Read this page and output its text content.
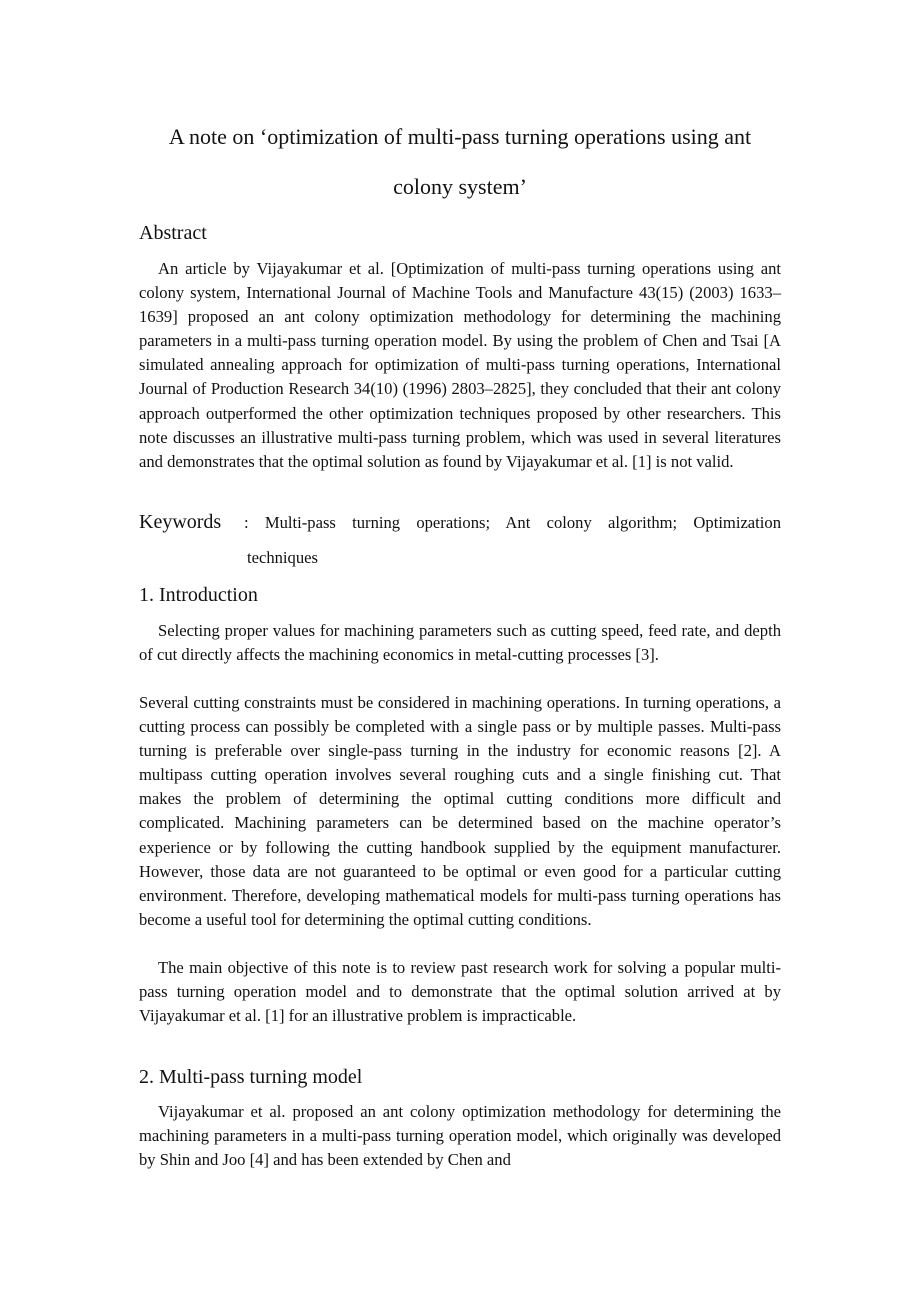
A note on ‘optimization of multi-pass turning operations using ant
colony system’
Abstract
An article by Vijayakumar et al. [Optimization of multi-pass turning operations using ant colony system, International Journal of Machine Tools and Manufacture 43(15) (2003) 1633–1639] proposed an ant colony optimization methodology for determining the machining parameters in a multi-pass turning operation model. By using the problem of Chen and Tsai [A simulated annealing approach for optimization of multi-pass turning operations, International Journal of Production Research 34(10) (1996) 2803–2825], they concluded that their ant colony approach outperformed the other optimization techniques proposed by other researchers. This note discusses an illustrative multi-pass turning problem, which was used in several literatures and demonstrates that the optimal solution as found by Vijayakumar et al. [1] is not valid.
Keywords : Multi-pass turning operations; Ant colony algorithm; Optimization
techniques
1. Introduction
Selecting proper values for machining parameters such as cutting speed, feed rate, and depth of cut directly affects the machining economics in metal-cutting processes [3].
Several cutting constraints must be considered in machining operations. In turning operations, a cutting process can possibly be completed with a single pass or by multiple passes. Multi-pass turning is preferable over single-pass turning in the industry for economic reasons [2]. A multipass cutting operation involves several roughing cuts and a single finishing cut. That makes the problem of determining the optimal cutting conditions more difficult and complicated. Machining parameters can be determined based on the machine operator’s experience or by following the cutting handbook supplied by the equipment manufacturer. However, those data are not guaranteed to be optimal or even good for a particular cutting environment. Therefore, developing mathematical models for multi-pass turning operations has become a useful tool for determining the optimal cutting conditions.
The main objective of this note is to review past research work for solving a popular multi-pass turning operation model and to demonstrate that the optimal solution arrived at by Vijayakumar et al. [1] for an illustrative problem is impracticable.
2. Multi-pass turning model
Vijayakumar et al. proposed an ant colony optimization methodology for determining the machining parameters in a multi-pass turning operation model, which originally was developed by Shin and Joo [4] and has been extended by Chen and
